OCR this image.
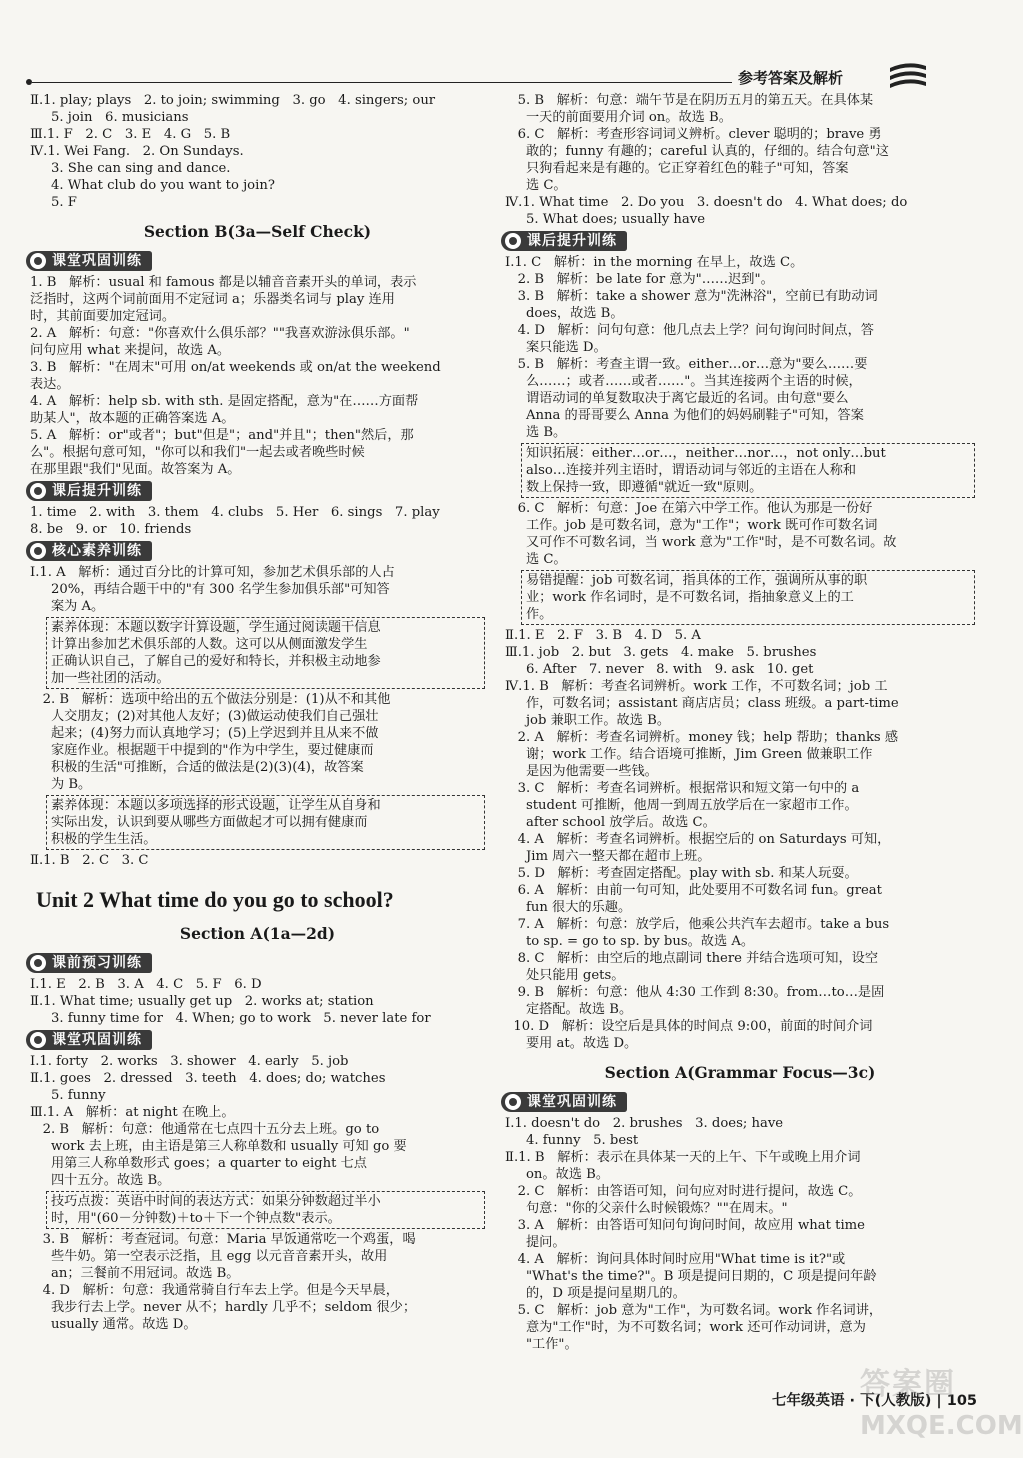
参考答案及解析
Ⅱ.1. play; plays   2. to join; swimming   3. go   4. singers; our
5. join   6. musicians
Ⅲ.1. F   2. C   3. E   4. G   5. B
Ⅳ.1. Wei Fang.   2. On Sundays.
3. She can sing and dance.
4. What club do you want to join?
5. F
Section B(3a—Self Check)
课堂巩固训练
1. B   解析：usual 和 famous 都是以辅音音素开头的单词，表示
泛指时，这两个词前面用不定冠词 a；乐器类名词与 play 连用
时，其前面要加定冠词。
2. A   解析：句意："你喜欢什么俱乐部？""我喜欢游泳俱乐部。"
问句应用 what 来提问，故选 A。
3. B   解析："在周末"可用 on/at weekends 或 on/at the weekend
表达。
4. A   解析：help sb. with sth. 是固定搭配，意为"在……方面帮
助某人"，故本题的正确答案选 A。
5. A   解析：or"或者"；but"但是"；and"并且"；then"然后，那
么"。根据句意可知，"你可以和我们"一起去或者晚些时候
在那里跟"我们"见面。故答案为 A。
课后提升训练
1. time   2. with   3. them   4. clubs   5. Her   6. sings   7. play
8. be   9. or   10. friends
核心素养训练
Ⅰ.1. A   解析：通过百分比的计算可知，参加艺术俱乐部的人占
20%，再结合题干中的"有 300 名学生参加俱乐部"可知答
案为 A。
素养体现：本题以数字计算设题，学生通过阅读题干信息
计算出参加艺术俱乐部的人数。这可以从侧面激发学生
正确认识自己，了解自己的爱好和特长，并积极主动地参
加一些社团的活动。
2. B   解析：选项中给出的五个做法分别是：(1)从不和其他
人交朋友；(2)对其他人友好；(3)做运动使我们自己强壮
起来；(4)努力而认真地学习；(5)上学迟到并且从来不做
家庭作业。根据题干中提到的"作为中学生，要过健康而
积极的生活"可推断，合适的做法是(2)(3)(4)，故答案
为 B。
素养体现：本题以多项选择的形式设题，让学生从自身和
实际出发，认识到要从哪些方面做起才可以拥有健康而
积极的学生生活。
Ⅱ.1. B   2. C   3. C
Unit 2 What time do you go to school?
Section A(1a—2d)
课前预习训练
Ⅰ.1. E   2. B   3. A   4. C   5. F   6. D
Ⅱ.1. What time; usually get up   2. works at; station
3. funny time for   4. When; go to work   5. never late for
课堂巩固训练
Ⅰ.1. forty   2. works   3. shower   4. early   5. job
Ⅱ.1. goes   2. dressed   3. teeth   4. does; do; watches
5. funny
Ⅲ.1. A   解析：at night 在晚上。
2. B   解析：句意：他通常在七点四十五分去上班。go to
work 去上班，由主语是第三人称单数和 usually 可知 go 要
用第三人称单数形式 goes；a quarter to eight 七点
四十五分。故选 B。
技巧点拨：英语中时间的表达方式：如果分钟数超过半小
时，用"(60－分钟数)＋to＋下一个钟点数"表示。
3. B   解析：考查冠词。句意：Maria 早饭通常吃一个鸡蛋，喝
些牛奶。第一空表示泛指，且 egg 以元音音素开头，故用
an；三餐前不用冠词。故选 B。
4. D   解析：句意：我通常骑自行车去上学。但是今天早晨，
我步行去上学。never 从不；hardly 几乎不；seldom 很少；
usually 通常。故选 D。
5. B   解析：句意：端午节是在阴历五月的第五天。在具体某
一天的前面要用介词 on。故选 B。
6. C   解析：考查形容词词义辨析。clever 聪明的；brave 勇
敢的；funny 有趣的；careful 认真的，仔细的。结合句意"这
只狗看起来是有趣的。它正穿着红色的鞋子"可知，答案
选 C。
Ⅳ.1. What time   2. Do you   3. doesn't do   4. What does; do
5. What does; usually have
课后提升训练
Ⅰ.1. C   解析：in the morning 在早上，故选 C。
2. B   解析：be late for 意为"……迟到"。
3. B   解析：take a shower 意为"洗淋浴"，空前已有助动词
does，故选 B。
4. D   解析：问句句意：他几点去上学？问句询问时间点，答
案只能选 D。
5. B   解析：考查主谓一致。either…or…意为"要么……要
么……；或者……或者……"。当其连接两个主语的时候，
谓语动词的单复数取决于离它最近的名词。由句意"要么
Anna 的哥哥要么 Anna 为他们的妈妈刷鞋子"可知，答案
选 B。
知识拓展：either…or…，neither…nor…，not only…but
also…连接并列主语时，谓语动词与邻近的主语在人称和
数上保持一致，即遵循"就近一致"原则。
6. C   解析：句意：Joe 在第六中学工作。他认为那是一份好
工作。job 是可数名词，意为"工作"；work 既可作可数名词
又可作不可数名词，当 work 意为"工作"时，是不可数名词。故
选 C。
易错提醒：job 可数名词，指具体的工作，强调所从事的职
业；work 作名词时，是不可数名词，指抽象意义上的工
作。
Ⅱ.1. E   2. F   3. B   4. D   5. A
Ⅲ.1. job   2. but   3. gets   4. make   5. brushes
6. After   7. never   8. with   9. ask   10. get
Ⅳ.1. B   解析：考查名词辨析。work 工作，不可数名词；job 工
作，可数名词；assistant 商店店员；class 班级。a part-time
job 兼职工作。故选 B。
2. A   解析：考查名词辨析。money 钱；help 帮助；thanks 感
谢；work 工作。结合语境可推断，Jim Green 做兼职工作
是因为他需要一些钱。
3. C   解析：考查名词辨析。根据常识和短文第一句中的 a
student 可推断，他周一到周五放学后在一家超市工作。
after school 放学后。故选 C。
4. A   解析：考查名词辨析。根据空后的 on Saturdays 可知，
Jim 周六一整天都在超市上班。
5. D   解析：考查固定搭配。play with sb. 和某人玩耍。
6. A   解析：由前一句可知，此处要用不可数名词 fun。great
fun 很大的乐趣。
7. A   解析：句意：放学后，他乘公共汽车去超市。take a bus
to sp. = go to sp. by bus。故选 A。
8. C   解析：由空后的地点副词 there 并结合选项可知，设空
处只能用 gets。
9. B   解析：句意：他从 4:30 工作到 8:30。from…to…是固
定搭配。故选 B。
10. D   解析：设空后是具体的时间点 9:00，前面的时间介词
要用 at。故选 D。
Section A(Grammar Focus—3c)
课堂巩固训练
Ⅰ.1. doesn't do   2. brushes   3. does; have
4. funny   5. best
Ⅱ.1. B   解析：表示在具体某一天的上午、下午或晚上用介词
on。故选 B。
2. C   解析：由答语可知，问句应对时进行提问，故选 C。
句意："你的父亲什么时候锻炼？""在周末。"
3. A   解析：由答语可知问句询问时间，故应用 what time
提问。
4. A   解析：询问具体时间时应用"What time is it?"或
"What's the time?"。B 项是提问日期的，C 项是提问年龄
的，D 项是提问星期几的。
5. C   解析：job 意为"工作"，为可数名词。work 作名词讲，
意为"工作"时，为不可数名词；work 还可作动词讲，意为
"工作"。
七年级英语 · 下(人教版) | 105
答案圈
MXQE.COM
